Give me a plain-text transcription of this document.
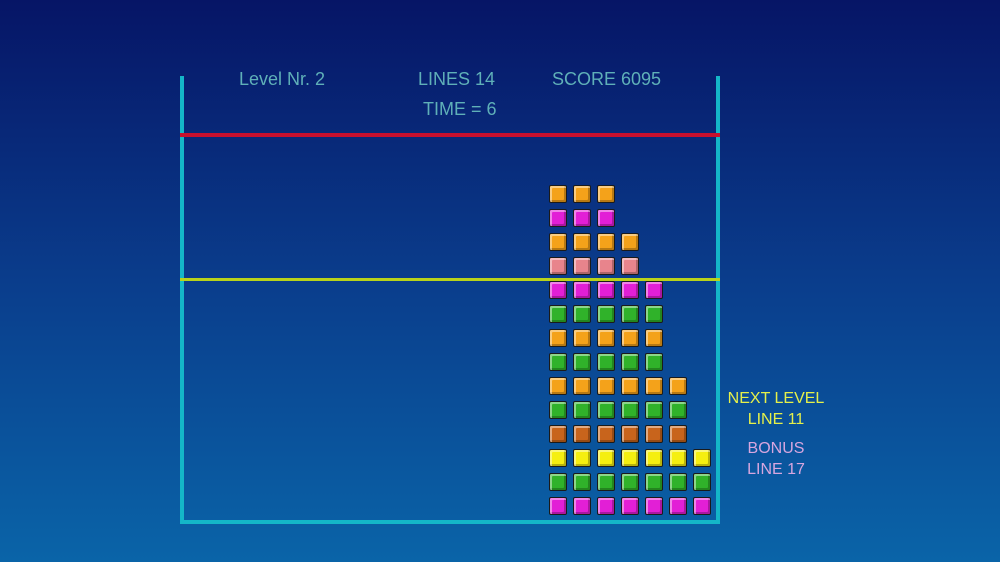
Level Nr. 2	LINES 14	SCORE 6095
TIME = 6
NEXT LEVEL
LINE 11
BONUS
LINE 17
